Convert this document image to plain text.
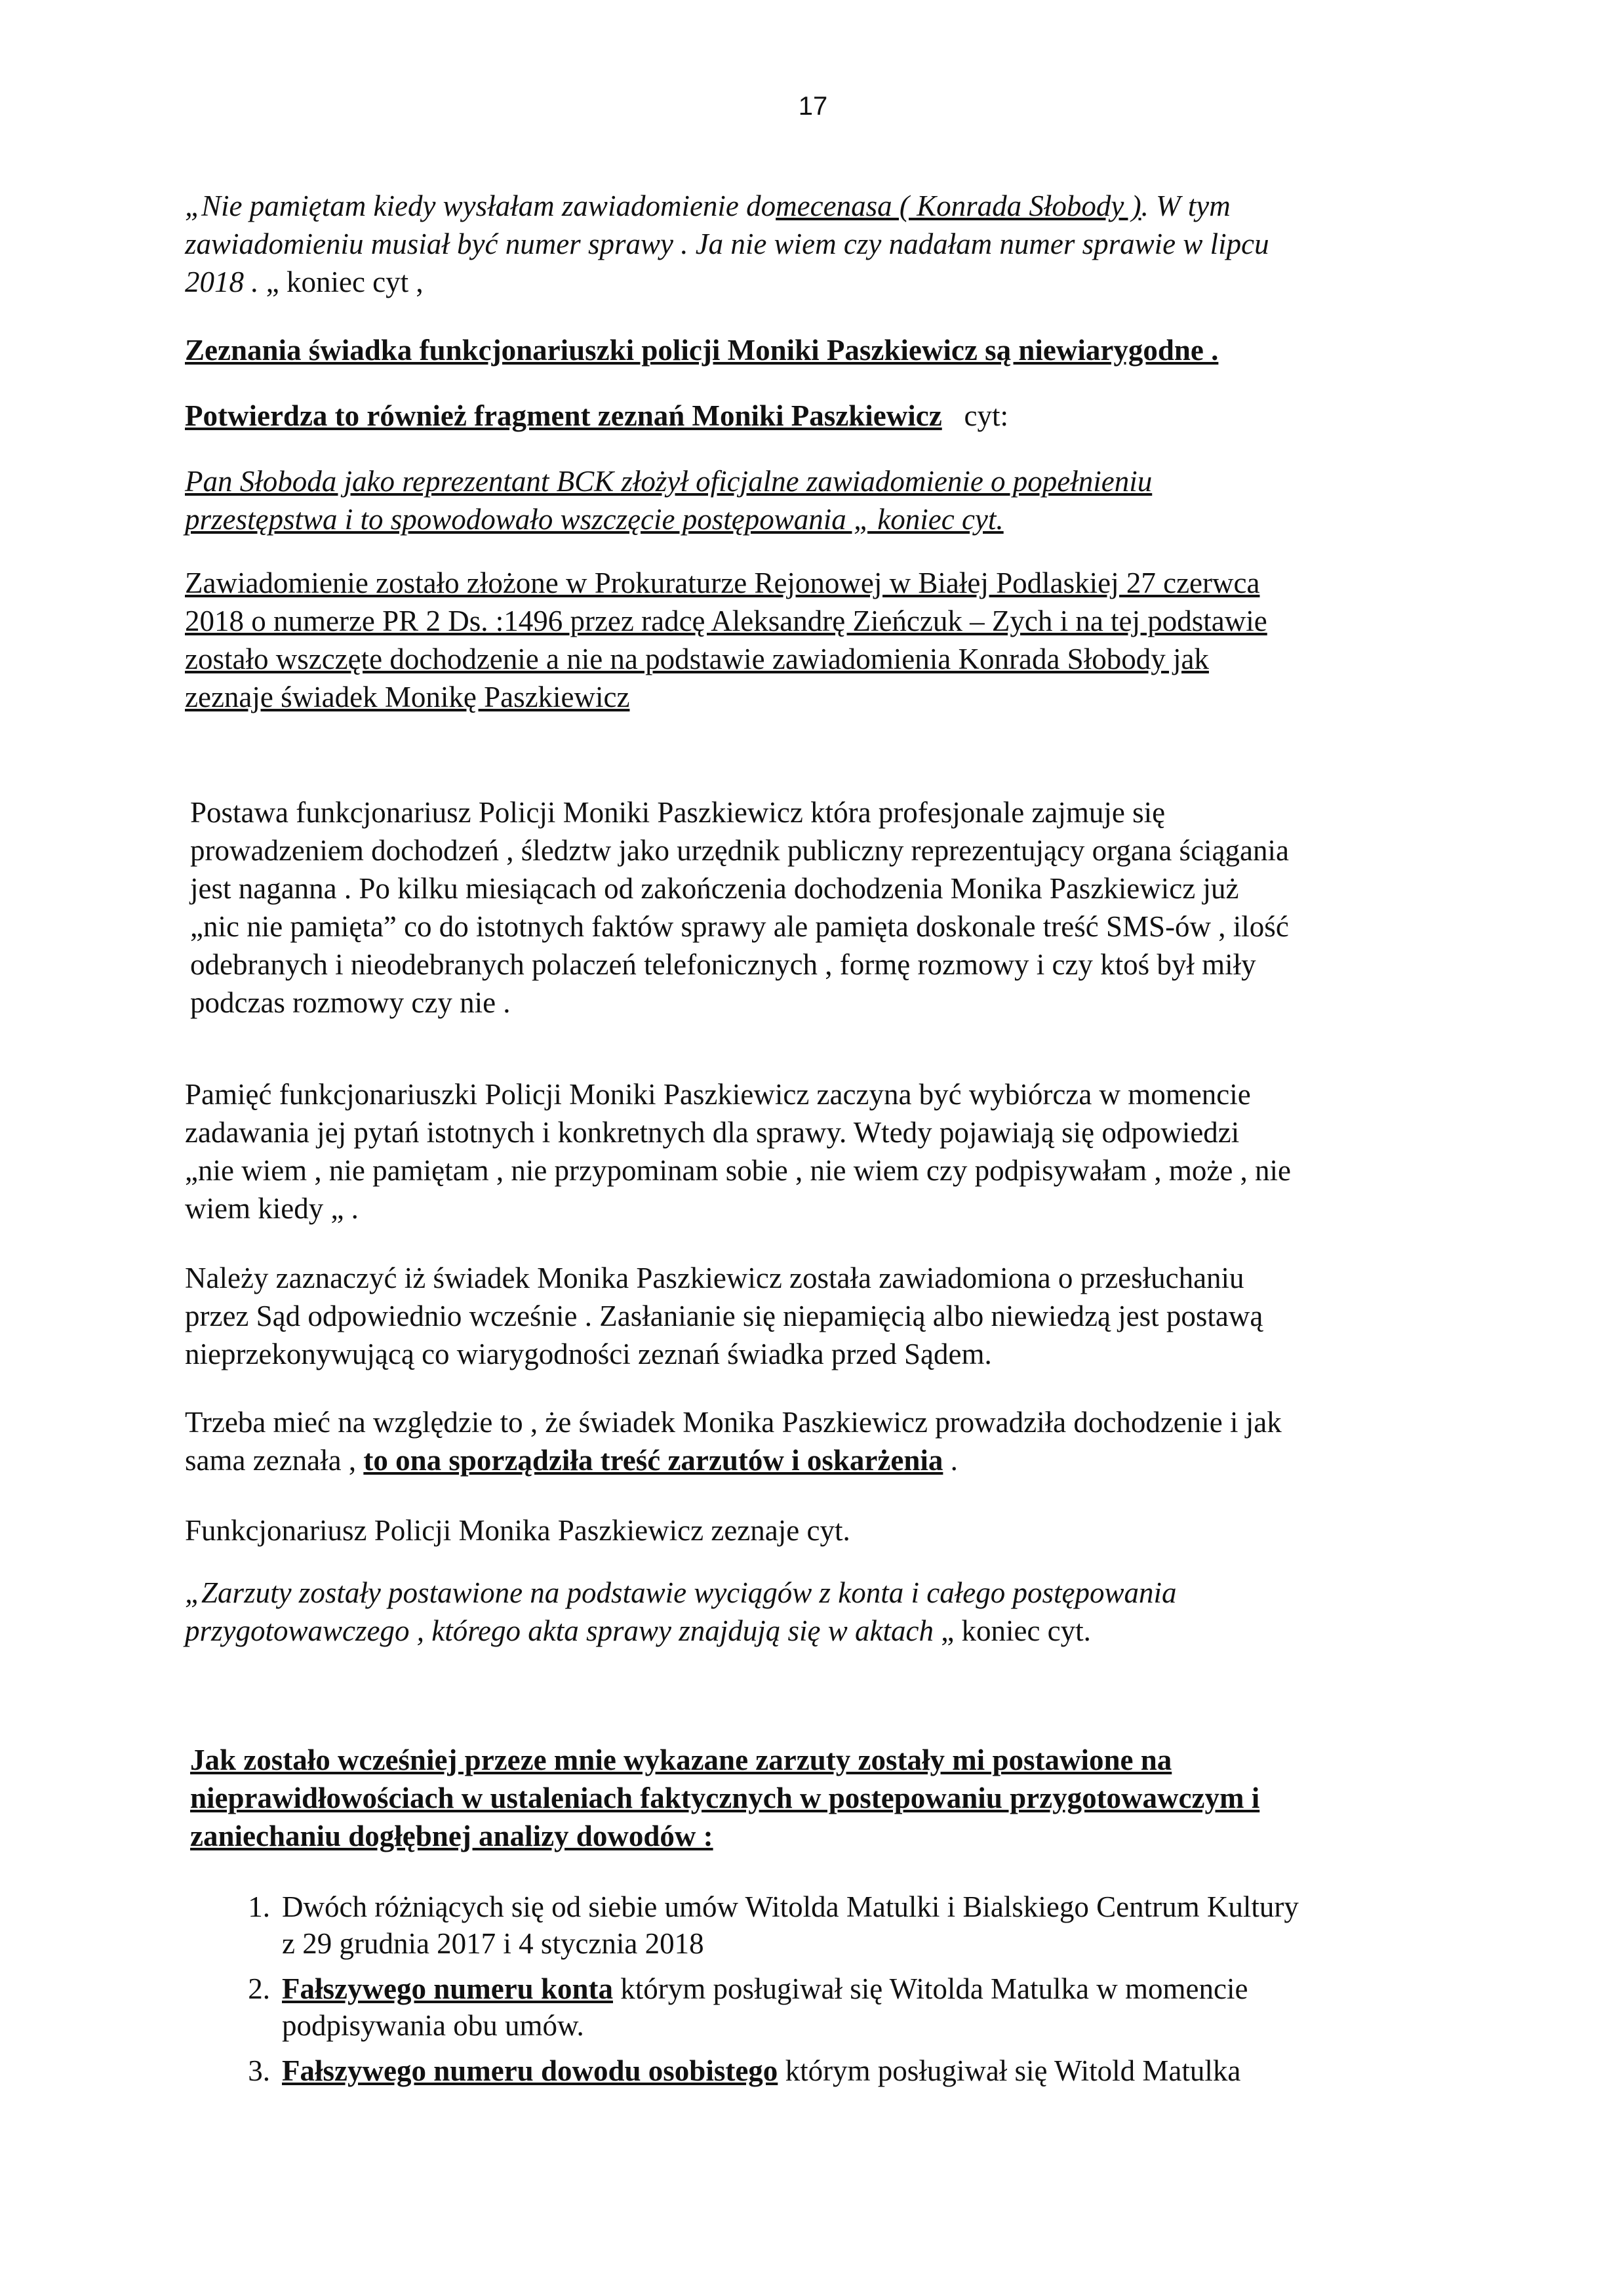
17
„Nie pamiętam kiedy wysłałam zawiadomienie domecenasa ( Konrada Słobody ). W tym
zawiadomieniu musiał być numer sprawy . Ja nie wiem czy nadałam numer sprawie w lipcu
2018 . „ koniec cyt ,
Zeznania świadka funkcjonariuszki policji Moniki Paszkiewicz są niewiarygodne .
Potwierdza to również fragment zeznań Moniki Paszkiewicz cyt:
Pan Słoboda jako reprezentant BCK złożył oficjalne zawiadomienie o popełnieniu
przestępstwa i to spowodowało wszczęcie postępowania „ koniec cyt.
Zawiadomienie zostało złożone w Prokuraturze Rejonowej w Białej Podlaskiej 27 czerwca
2018 o numerze PR 2 Ds. :1496 przez radcę Aleksandrę Zieńczuk – Zych i na tej podstawie
zostało wszczęte dochodzenie a nie na podstawie zawiadomienia Konrada Słobody jak
zeznaje świadek Monikę Paszkiewicz
Postawa funkcjonariusz Policji Moniki Paszkiewicz która profesjonale zajmuje się
prowadzeniem dochodzeń , śledztw jako urzędnik publiczny reprezentujący organa ściągania
jest naganna . Po kilku miesiącach od zakończenia dochodzenia Monika Paszkiewicz już
„nic nie pamięta” co do istotnych faktów sprawy ale pamięta doskonale treść SMS-ów , ilość
odebranych i nieodebranych polaczeń telefonicznych , formę rozmowy i czy ktoś był miły
podczas rozmowy czy nie .
Pamięć funkcjonariuszki Policji Moniki Paszkiewicz zaczyna być wybiórcza w momencie
zadawania jej pytań istotnych i konkretnych dla sprawy. Wtedy pojawiają się odpowiedzi
„nie wiem , nie pamiętam , nie przypominam sobie , nie wiem czy podpisywałam , może , nie
wiem kiedy „ .
Należy zaznaczyć iż świadek Monika Paszkiewicz została zawiadomiona o przesłuchaniu
przez Sąd odpowiednio wcześnie . Zasłanianie się niepamięcią albo niewiedzą jest postawą
nieprzekonywującą co wiarygodności zeznań świadka przed Sądem.
Trzeba mieć na względzie to , że świadek Monika Paszkiewicz prowadziła dochodzenie i jak
sama zeznała , to ona sporządziła treść zarzutów i oskarżenia .
Funkcjonariusz Policji Monika Paszkiewicz zeznaje cyt.
„Zarzuty zostały postawione na podstawie wyciągów z konta i całego postępowania
przygotowawczego , którego akta sprawy znajdują się w aktach „ koniec cyt.
Jak zostało wcześniej przeze mnie wykazane zarzuty zostały mi postawione na
nieprawidłowościach w ustaleniach faktycznych w postepowaniu przygotowawczym i
zaniechaniu dogłębnej analizy dowodów :
1. Dwóch różniących się od siebie umów Witolda Matulki i Bialskiego Centrum Kultury
z 29 grudnia 2017 i 4 stycznia 2018
2. Fałszywego numeru konta którym posługiwał się Witolda Matulka w momencie
podpisywania obu umów.
3. Fałszywego numeru dowodu osobistego którym posługiwał się Witold Matulka
